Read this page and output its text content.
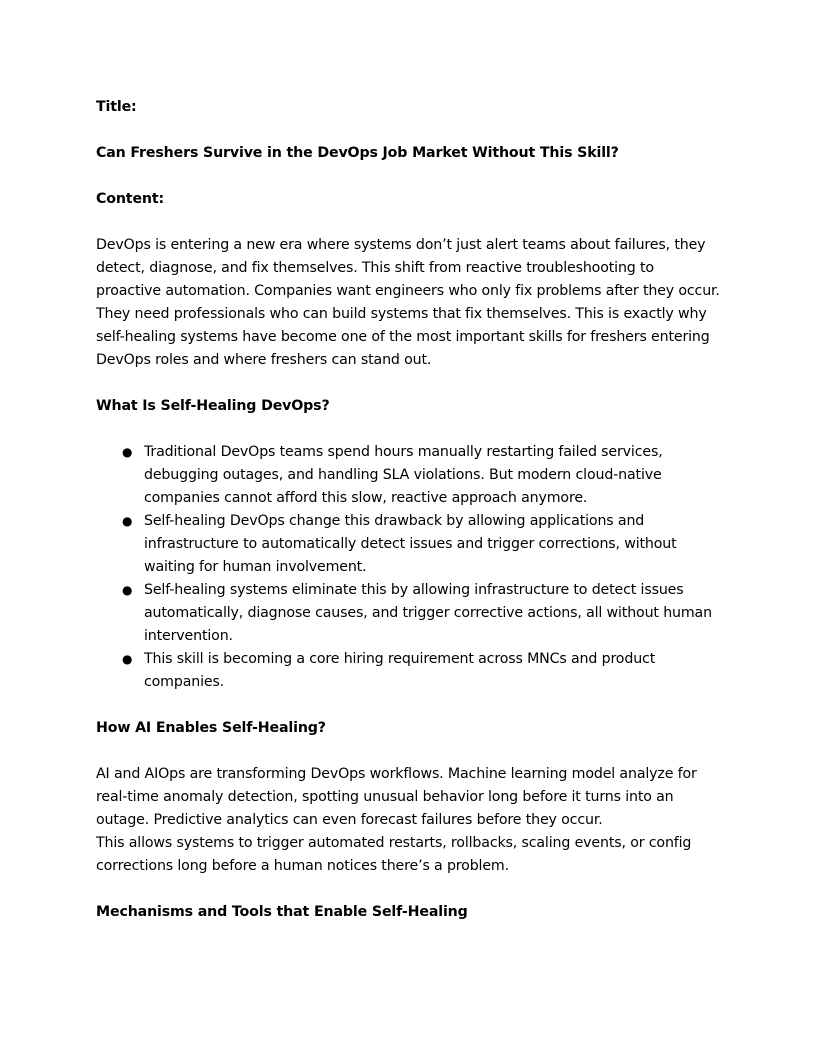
Title:

Can Freshers Survive in the DevOps Job Market Without This Skill?

Content:

DevOps is entering a new era where systems don’t just alert teams about failures, they detect, diagnose, and fix themselves. This shift from reactive troubleshooting to proactive automation. Companies want engineers who only fix problems after they occur. They need professionals who can build systems that fix themselves. This is exactly why self-healing systems have become one of the most important skills for freshers entering DevOps roles and where freshers can stand out.

What Is Self-Healing DevOps?

● Traditional DevOps teams spend hours manually restarting failed services, debugging outages, and handling SLA violations. But modern cloud-native companies cannot afford this slow, reactive approach anymore.
● Self-healing DevOps change this drawback by allowing applications and infrastructure to automatically detect issues and trigger corrections, without waiting for human involvement.
● Self-healing systems eliminate this by allowing infrastructure to detect issues automatically, diagnose causes, and trigger corrective actions, all without human intervention.
● This skill is becoming a core hiring requirement across MNCs and product companies.

How AI Enables Self-Healing?

AI and AIOps are transforming DevOps workflows. Machine learning model analyze for real-time anomaly detection, spotting unusual behavior long before it turns into an outage. Predictive analytics can even forecast failures before they occur.

This allows systems to trigger automated restarts, rollbacks, scaling events, or config corrections long before a human notices there’s a problem.

Mechanisms and Tools that Enable Self-Healing
